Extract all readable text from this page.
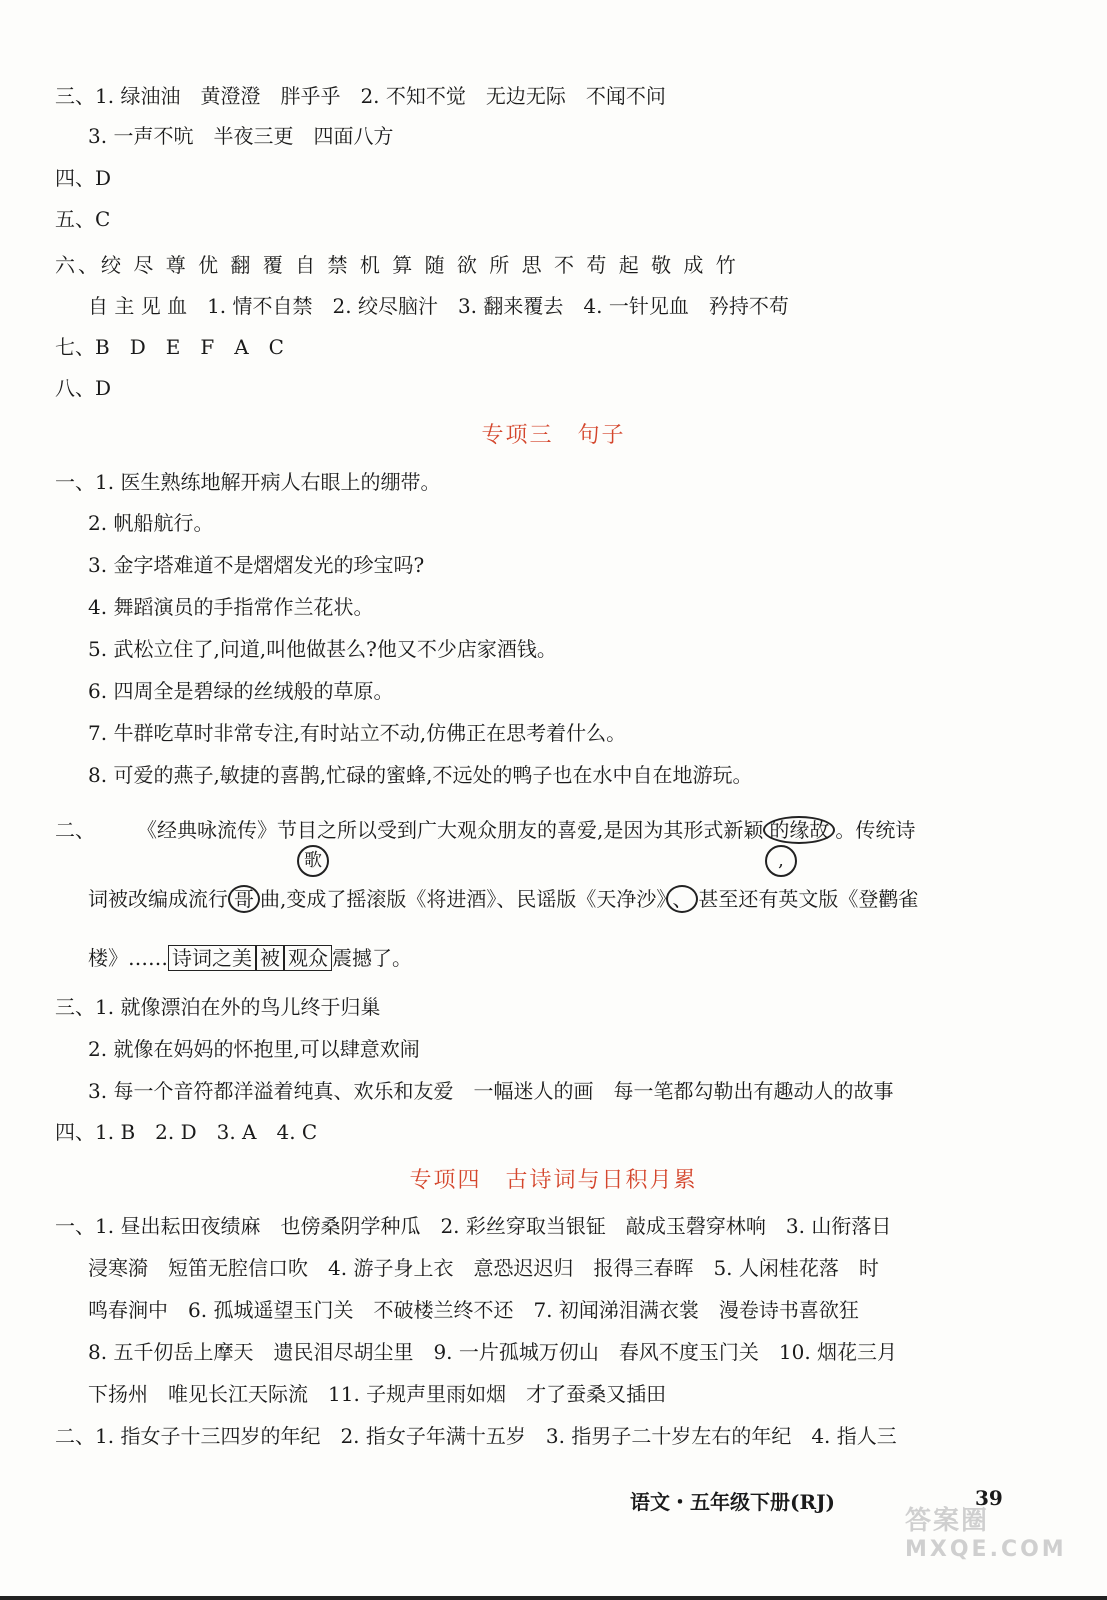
三、1. 绿油油　黄澄澄　胖乎乎　2. 不知不觉　无边无际　不闻不问
3. 一声不吭　半夜三更　四面八方
四、D
五、C
六、绞 尽 尊 优 翻 覆 自 禁 机 算 随 欲 所 思 不 苟 起 敬 成 竹
自 主 见 血　1. 情不自禁　2. 绞尽脑汁　3. 翻来覆去　4. 一针见血　矜持不苟
七、B　D　E　F　A　C
八、D
专项三　句子
一、1. 医生熟练地解开病人右眼上的绷带。
2. 帆船航行。
3. 金字塔难道不是熠熠发光的珍宝吗?
4. 舞蹈演员的手指常作兰花状。
5. 武松立住了,问道,叫他做甚么?他又不少店家酒钱。
6. 四周全是碧绿的丝绒般的草原。
7. 牛群吃草时非常专注,有时站立不动,仿佛正在思考着什么。
8. 可爱的燕子,敏捷的喜鹊,忙碌的蜜蜂,不远处的鸭子也在水中自在地游玩。
二、 《经典咏流传》节目之所以受到广大观众朋友的喜爱,是因为其形式新颖 的缘故 。传统诗
歌	,
词被改编成流行 哥 曲,变成了摇滚版《将进酒》、民谣版《天净沙》 、 甚至还有英文版《登鹳雀
楼》…… 诗词之美 被 观众 震撼了。
三、1. 就像漂泊在外的鸟儿终于归巢
2. 就像在妈妈的怀抱里,可以肆意欢闹
3. 每一个音符都洋溢着纯真、欢乐和友爱　一幅迷人的画　每一笔都勾勒出有趣动人的故事
四、1. B　2. D　3. A　4. C
专项四　古诗词与日积月累
一、1. 昼出耘田夜绩麻　也傍桑阴学种瓜　2. 彩丝穿取当银钲　敲成玉磬穿林响　3. 山衔落日
浸寒漪　短笛无腔信口吹　4. 游子身上衣　意恐迟迟归　报得三春晖　5. 人闲桂花落　时
鸣春涧中　6. 孤城遥望玉门关　不破楼兰终不还　7. 初闻涕泪满衣裳　漫卷诗书喜欲狂
8. 五千仞岳上摩天　遗民泪尽胡尘里　9. 一片孤城万仞山　春风不度玉门关　10. 烟花三月
下扬州　唯见长江天际流　11. 子规声里雨如烟　才了蚕桑又插田
二、1. 指女子十三四岁的年纪　2. 指女子年满十五岁　3. 指男子二十岁左右的年纪　4. 指人三
语文・五年级下册(RJ)	39
答案圈
MXQE.COM
